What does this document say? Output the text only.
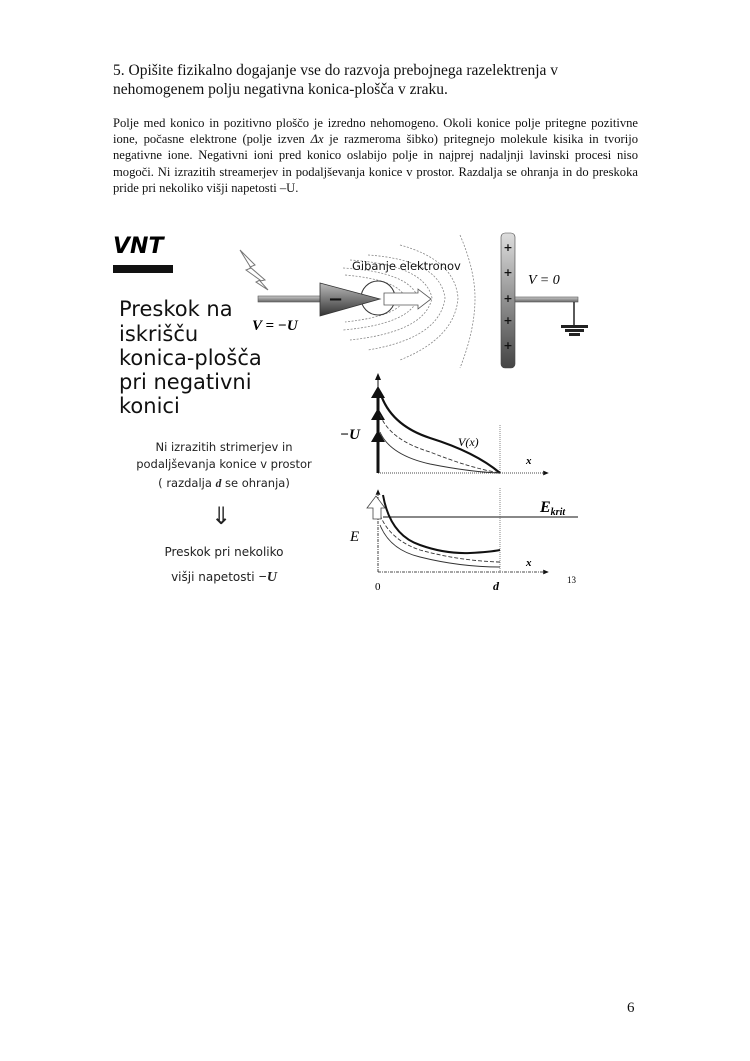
5. Opišite fizikalno dogajanje vse do razvoja prebojnega razelektrenja v
nehomogenem polju negativna konica-plošča v zraku.
Polje med konico in pozitivno ploščo je izredno nehomogeno. Okoli konice polje pritegne pozitivne ione, počasne elektrone (polje izven Δx je razmeroma šibko) pritegnejo molekule kisika in tvorijo negativne ione. Negativni ioni pred konico oslabijo polje in najprej nadaljnji lavinski procesi niso mogoči. Ni izrazitih streamerjev in podaljševanja konice v prostor. Razdalja se ohranja in do preskoka pride pri nekoliko višji napetosti –U.
VNT
Preskok na
iskrišču
konica-plošča
pri negativni
konici
Ni izrazitih strimerjev in
podaljševanja konice v prostor
( razdalja d se ohranja)
⇓
Preskok pri nekoliko
višji napetosti −U
−
Gibanje elektronov
V = −U
+
+
+
+
+
V = 0
−U	V(x)
x
E
Ekrit
x
0	d	13
6
